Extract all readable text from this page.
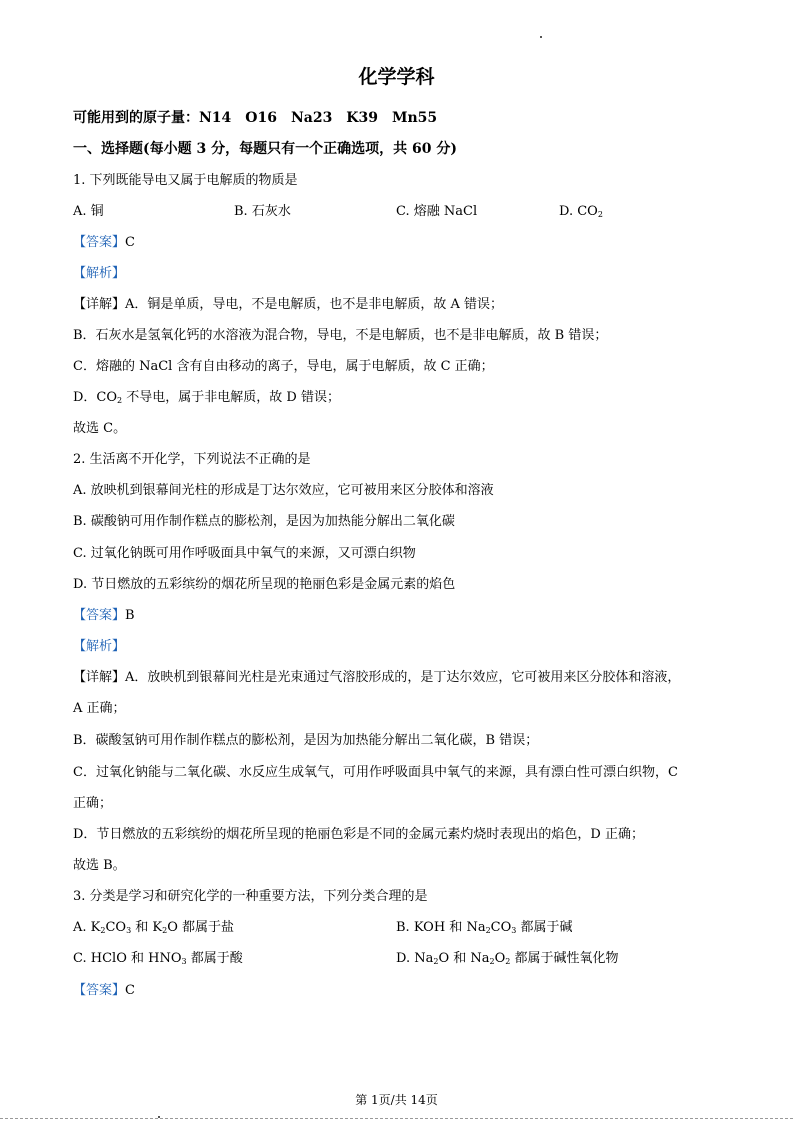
化学学科
可能用到的原子量：N14　O16　Na23　K39　Mn55
一、选择题(每小题 3 分，每题只有一个正确选项，共 60 分)
1. 下列既能导电又属于电解质的物质是
A. 铜	B. 石灰水	C. 熔融 NaCl	D. $CO_2$
【答案】C
【解析】
【详解】A．铜是单质，导电，不是电解质，也不是非电解质，故 A 错误；
B．石灰水是氢氧化钙的水溶液为混合物，导电，不是电解质，也不是非电解质，故 B 错误；
C．熔融的 NaCl 含有自由移动的离子，导电，属于电解质，故 C 正确；
D．$CO_2$ 不导电，属于非电解质，故 D 错误；
故选 C。
2. 生活离不开化学，下列说法不正确的是
A. 放映机到银幕间光柱的形成是丁达尔效应，它可被用来区分胶体和溶液
B. 碳酸钠可用作制作糕点的膨松剂，是因为加热能分解出二氧化碳
C. 过氧化钠既可用作呼吸面具中氧气的来源，又可漂白织物
D. 节日燃放的五彩缤纷的烟花所呈现的艳丽色彩是金属元素的焰色
【答案】B
【解析】
【详解】A．放映机到银幕间光柱是光束通过气溶胶形成的，是丁达尔效应，它可被用来区分胶体和溶液，
A 正确；
B．碳酸氢钠可用作制作糕点的膨松剂，是因为加热能分解出二氧化碳，B 错误；
C．过氧化钠能与二氧化碳、水反应生成氧气，可用作呼吸面具中氧气的来源，具有漂白性可漂白织物，C
正确；
D．节日燃放的五彩缤纷的烟花所呈现的艳丽色彩是不同的金属元素灼烧时表现出的焰色，D 正确；
故选 B。
3. 分类是学习和研究化学的一种重要方法，下列分类合理的是
A. $K_2CO_3$ 和 $K_2O$ 都属于盐	B. KOH 和 $Na_2CO_3$ 都属于碱
C. HClO 和 $HNO_3$ 都属于酸	D. $Na_2O$ 和 $Na_2O_2$ 都属于碱性氧化物
【答案】C
第 1页/共 14页
